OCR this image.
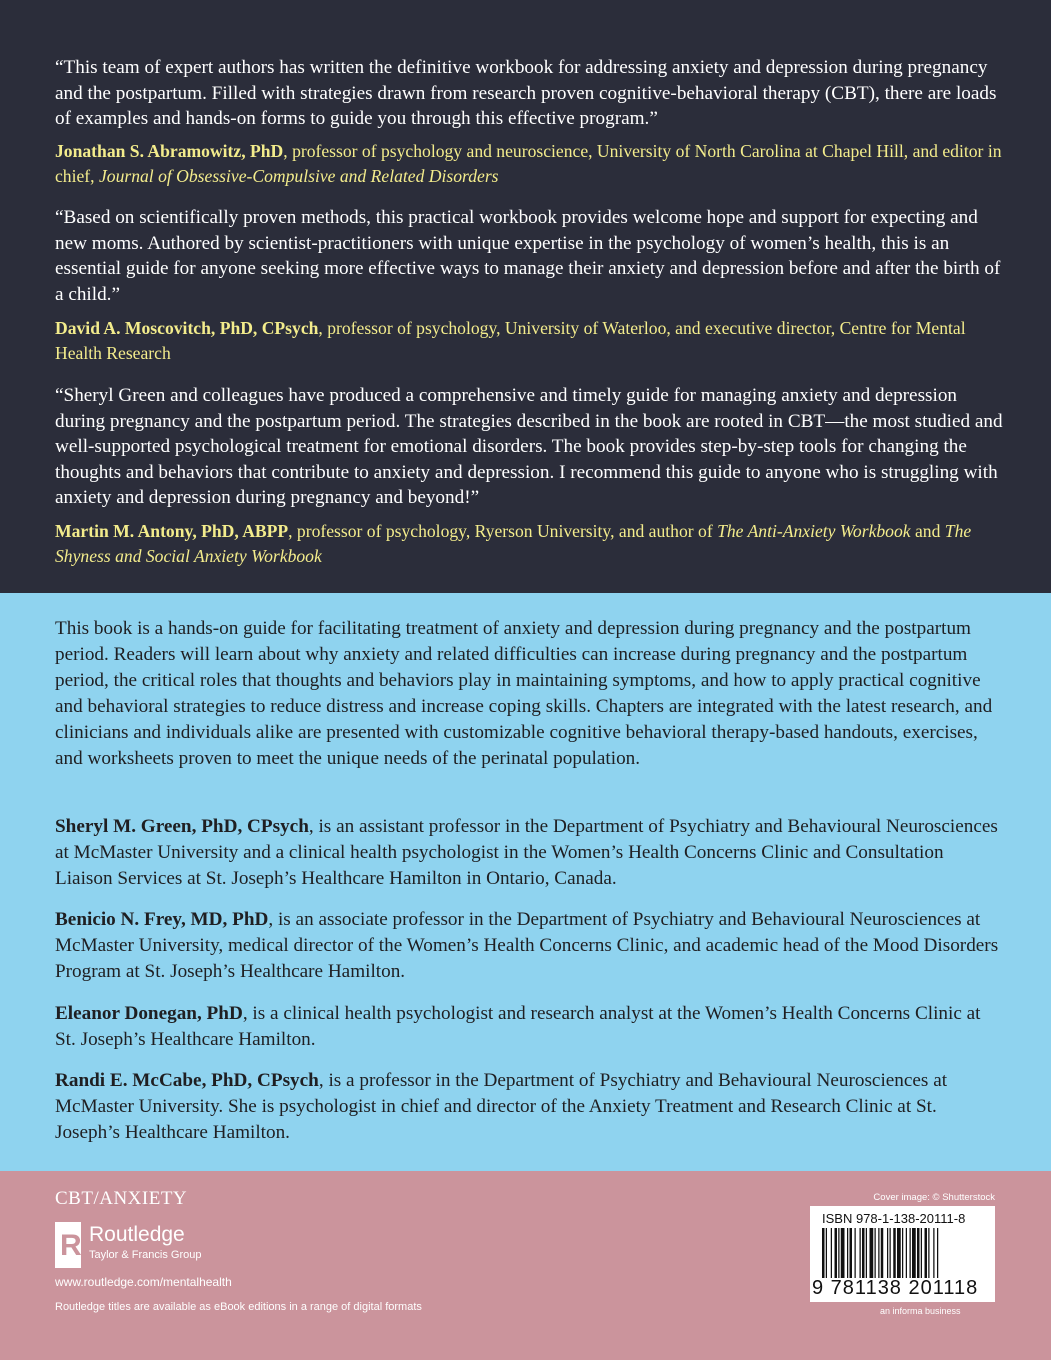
“This team of expert authors has written the definitive workbook for addressing anxiety and depression during pregnancy and the postpartum. Filled with strategies drawn from research proven cognitive-behavioral therapy (CBT), there are loads of examples and hands-on forms to guide you through this effective program.”
Jonathan S. Abramowitz, PhD, professor of psychology and neuroscience, University of North Carolina at Chapel Hill, and editor in chief, Journal of Obsessive-Compulsive and Related Disorders
“Based on scientifically proven methods, this practical workbook provides welcome hope and support for expecting and new moms. Authored by scientist-practitioners with unique expertise in the psychology of women’s health, this is an essential guide for anyone seeking more effective ways to manage their anxiety and depression before and after the birth of a child.”
David A. Moscovitch, PhD, CPsych, professor of psychology, University of Waterloo, and executive director, Centre for Mental Health Research
“Sheryl Green and colleagues have produced a comprehensive and timely guide for managing anxiety and depression during pregnancy and the postpartum period. The strategies described in the book are rooted in CBT—the most studied and well-supported psychological treatment for emotional disorders. The book provides step-by-step tools for changing the thoughts and behaviors that contribute to anxiety and depression. I recommend this guide to anyone who is struggling with anxiety and depression during pregnancy and beyond!”
Martin M. Antony, PhD, ABPP, professor of psychology, Ryerson University, and author of The Anti-Anxiety Workbook and The Shyness and Social Anxiety Workbook
This book is a hands-on guide for facilitating treatment of anxiety and depression during pregnancy and the postpartum period. Readers will learn about why anxiety and related difficulties can increase during pregnancy and the postpartum period, the critical roles that thoughts and behaviors play in maintaining symptoms, and how to apply practical cognitive and behavioral strategies to reduce distress and increase coping skills. Chapters are integrated with the latest research, and clinicians and individuals alike are presented with customizable cognitive behavioral therapy-based handouts, exercises, and worksheets proven to meet the unique needs of the perinatal population.
Sheryl M. Green, PhD, CPsych, is an assistant professor in the Department of Psychiatry and Behavioural Neurosciences at McMaster University and a clinical health psychologist in the Women’s Health Concerns Clinic and Consultation Liaison Services at St. Joseph’s Healthcare Hamilton in Ontario, Canada.
Benicio N. Frey, MD, PhD, is an associate professor in the Department of Psychiatry and Behavioural Neurosciences at McMaster University, medical director of the Women’s Health Concerns Clinic, and academic head of the Mood Disorders Program at St. Joseph’s Healthcare Hamilton.
Eleanor Donegan, PhD, is a clinical health psychologist and research analyst at the Women’s Health Concerns Clinic at St. Joseph’s Healthcare Hamilton.
Randi E. McCabe, PhD, CPsych, is a professor in the Department of Psychiatry and Behavioural Neurosciences at McMaster University. She is psychologist in chief and director of the Anxiety Treatment and Research Clinic at St. Joseph’s Healthcare Hamilton.
CBT/ANXIETY
R Routledge
Taylor & Francis Group
www.routledge.com/mentalhealth
Routledge titles are available as eBook editions in a range of digital formats
Cover image: © Shutterstock
ISBN 978-1-138-20111-8
9 781138 201118
an informa business
